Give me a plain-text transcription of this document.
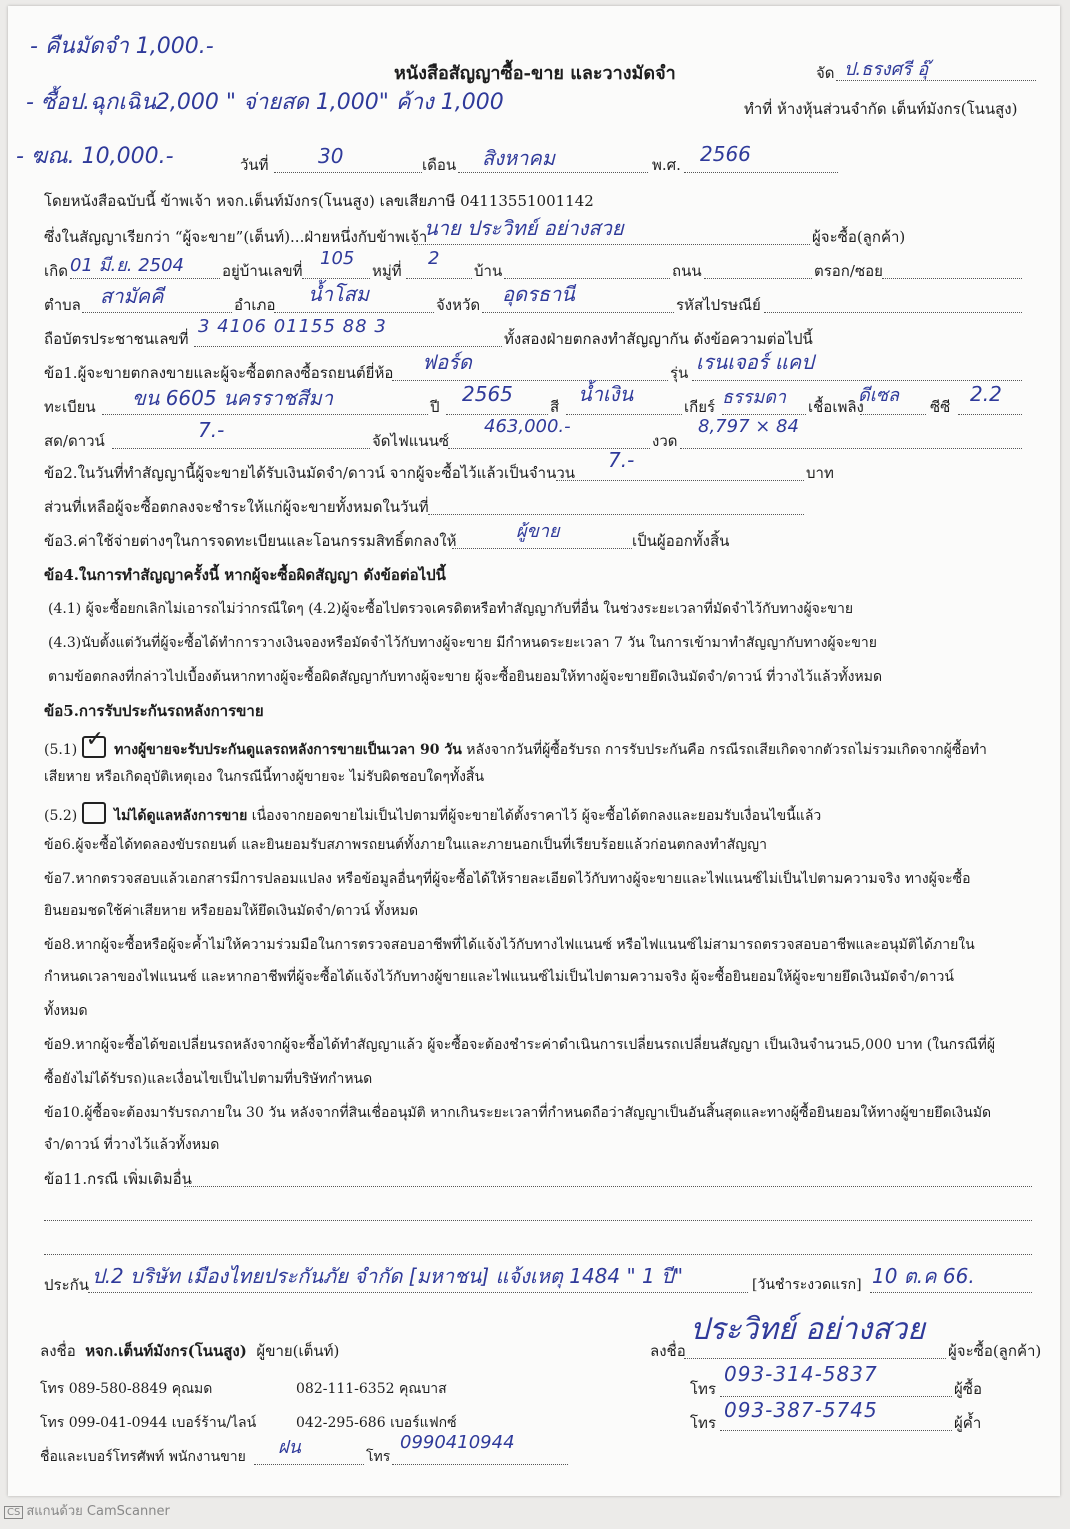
- คืนมัดจำ 1,000.-
- ซื้อป.ฉุกเฉิน2,000 " จ่ายสด 1,000" ค้าง 1,000
- ฆณ. 10,000.-
หนังสือสัญญาซื้อ-ขาย และวางมัดจำ	จัด ป.ธรงศรี อุ๊
ทำที่ ห้างหุ้นส่วนจำกัด เต็นท์มังกร(โนนสูง)
วันที่ 30	เดือน สิงหาคม	พ.ศ. 2566
โดยหนังสือฉบับนี้ ข้าพเจ้า หจก.เต็นท์มังกร(โนนสูง) เลขเสียภาษี 04113551001142
ซึ่งในสัญญาเรียกว่า “ผู้จะขาย”(เต็นท์)...ฝ่ายหนึ่งกับข้าพเจ้า
นาย ประวิทย์ อย่างสวย	ผู้จะซื้อ(ลูกค้า)
เกิด 01 มี.ย. 2504	อยู่บ้านเลขที่
105
หมู่ที่
2
บ้าน	ถนน	ตรอก/ซอย
ตำบล สามัคคี	อำเภอ น้ำโสม	จังหวัด อุดรธานี	รหัสไปรษณีย์
ถือบัตรประชาชนเลขที่
3 4106 01155 88 3
ทั้งสองฝ่ายตกลงทำสัญญากัน ดังข้อความต่อไปนี้
ข้อ1.ผู้จะขายตกลงขายและผู้จะซื้อตกลงซื้อรถยนต์ยี่ห้อ ฟอร์ด	รุ่น เรนเจอร์ แคป
ทะเบียน ขน 6605 นครราชสีมา	ปี
2565
สี
น้ำเงิน
เกียร์ ธรรมดา เชื้อเพลิง
ดีเซล
ซีซี
2.2
สด/ดาวน์	7.-	จัดไฟแนนซ์
463,000.-
งวด
8,797 × 84
ข้อ2.ในวันที่ทำสัญญานี้ผู้จะขายได้รับเงินมัดจำ/ดาวน์ จากผู้จะซื้อไว้แล้วเป็นจำนวน
7.-
บาท
ส่วนที่เหลือผู้จะซื้อตกลงจะชำระให้แก่ผู้จะขายทั้งหมดในวันที่
ข้อ3.ค่าใช้จ่ายต่างๆในการจดทะเบียนและโอนกรรมสิทธิ์ตกลงให้	ผู้ขาย	เป็นผู้ออกทั้งสิ้น
ข้อ4.ในการทำสัญญาครั้งนี้ หากผู้จะซื้อผิดสัญญา ดังข้อต่อไปนี้
(4.1) ผู้จะซื้อยกเลิกไม่เอารถไม่ว่ากรณีใดๆ (4.2)ผู้จะซื้อไปตรวจเครดิตหรือทำสัญญากับที่อื่น ในช่วงระยะเวลาที่มัดจำไว้กับทางผู้จะขาย
(4.3)นับตั้งแต่วันที่ผู้จะซื้อได้ทำการวางเงินจองหรือมัดจำไว้กับทางผู้จะขาย มีกำหนดระยะเวลา 7 วัน ในการเข้ามาทำสัญญากับทางผู้จะขาย
ตามข้อตกลงที่กล่าวไปเบื้องต้นหากทางผู้จะซื้อผิดสัญญากับทางผู้จะขาย ผู้จะซื้อยินยอมให้ทางผู้จะขายยึดเงินมัดจำ/ดาวน์ ที่วางไว้แล้วทั้งหมด
ข้อ5.การรับประกันรถหลังการขาย
(5.1) ✓ ทางผู้ขายจะรับประกันดูแลรถหลังการขายเป็นเวลา 90 วัน หลังจากวันที่ผู้ซื้อรับรถ การรับประกันคือ กรณีรถเสียเกิดจากตัวรถไม่รวมเกิดจากผู้ซื้อทำ
เสียหาย หรือเกิดอุบัติเหตุเอง ในกรณีนี้ทางผู้ขายจะ ไม่รับผิดชอบใดๆทั้งสิ้น
(5.2)	ไม่ได้ดูแลหลังการขาย เนื่องจากยอดขายไม่เป็นไปตามที่ผู้จะขายได้ตั้งราคาไว้ ผู้จะซื้อได้ตกลงและยอมรับเงื่อนไขนี้แล้ว
ข้อ6.ผู้จะซื้อได้ทดลองขับรถยนต์ และยินยอมรับสภาพรถยนต์ทั้งภายในและภายนอกเป็นที่เรียบร้อยแล้วก่อนตกลงทำสัญญา
ข้อ7.หากตรวจสอบแล้วเอกสารมีการปลอมแปลง หรือข้อมูลอื่นๆที่ผู้จะซื้อได้ให้รายละเอียดไว้กับทางผู้จะขายและไฟแนนซ์ไม่เป็นไปตามความจริง ทางผู้จะซื้อ
ยินยอมชดใช้ค่าเสียหาย หรือยอมให้ยึดเงินมัดจำ/ดาวน์ ทั้งหมด
ข้อ8.หากผู้จะซื้อหรือผู้จะค้ำไม่ให้ความร่วมมือในการตรวจสอบอาชีพที่ได้แจ้งไว้กับทางไฟแนนซ์ หรือไฟแนนซ์ไม่สามารถตรวจสอบอาชีพและอนุมัติได้ภายใน
กำหนดเวลาของไฟแนนซ์ และหากอาชีพที่ผู้จะซื้อได้แจ้งไว้กับทางผู้ขายและไฟแนนซ์ไม่เป็นไปตามความจริง ผู้จะซื้อยินยอมให้ผู้จะขายยึดเงินมัดจำ/ดาวน์
ทั้งหมด
ข้อ9.หากผู้จะซื้อได้ขอเปลี่ยนรถหลังจากผู้จะซื้อได้ทำสัญญาแล้ว ผู้จะซื้อจะต้องชำระค่าดำเนินการเปลี่ยนรถเปลี่ยนสัญญา เป็นเงินจำนวน5,000 บาท (ในกรณีที่ผู้
ซื้อยังไม่ได้รับรถ)และเงื่อนไขเป็นไปตามที่บริษัทกำหนด
ข้อ10.ผู้ซื้อจะต้องมารับรถภายใน 30 วัน หลังจากที่สินเชื่ออนุมัติ หากเกินระยะเวลาที่กำหนดถือว่าสัญญาเป็นอันสิ้นสุดและทางผู้ซื้อยินยอมให้ทางผู้ขายยึดเงินมัด
จำ/ดาวน์ ที่วางไว้แล้วทั้งหมด
ข้อ11.กรณี เพิ่มเติมอื่น
ประกัน ป.2 บริษัท เมืองไทยประกันภัย จำกัด [มหาชน] แจ้งเหตุ 1484 " 1 ปี"	[วันชำระงวดแรก] 10 ต.ค 66.
ลงชื่อ หจก.เต็นท์มังกร(โนนสูง) ผู้ขาย(เต็นท์)
โทร 089-580-8849 คุณมด	082-111-6352 คุณบาส
โทร 099-041-0944 เบอร์ร้าน/ไลน์	042-295-686 เบอร์แฟกซ์
ชื่อและเบอร์โทรศัพท์ พนักงานขาย ฝน	โทร
0990410944
ลงชื่อ
ประวิทย์ อย่างสวย
ผู้จะซื้อ(ลูกค้า)
โทร
093-314-5837
ผู้ซื้อ
โทร
093-387-5745
ผู้ค้ำ
CS สแกนด้วย CamScanner
